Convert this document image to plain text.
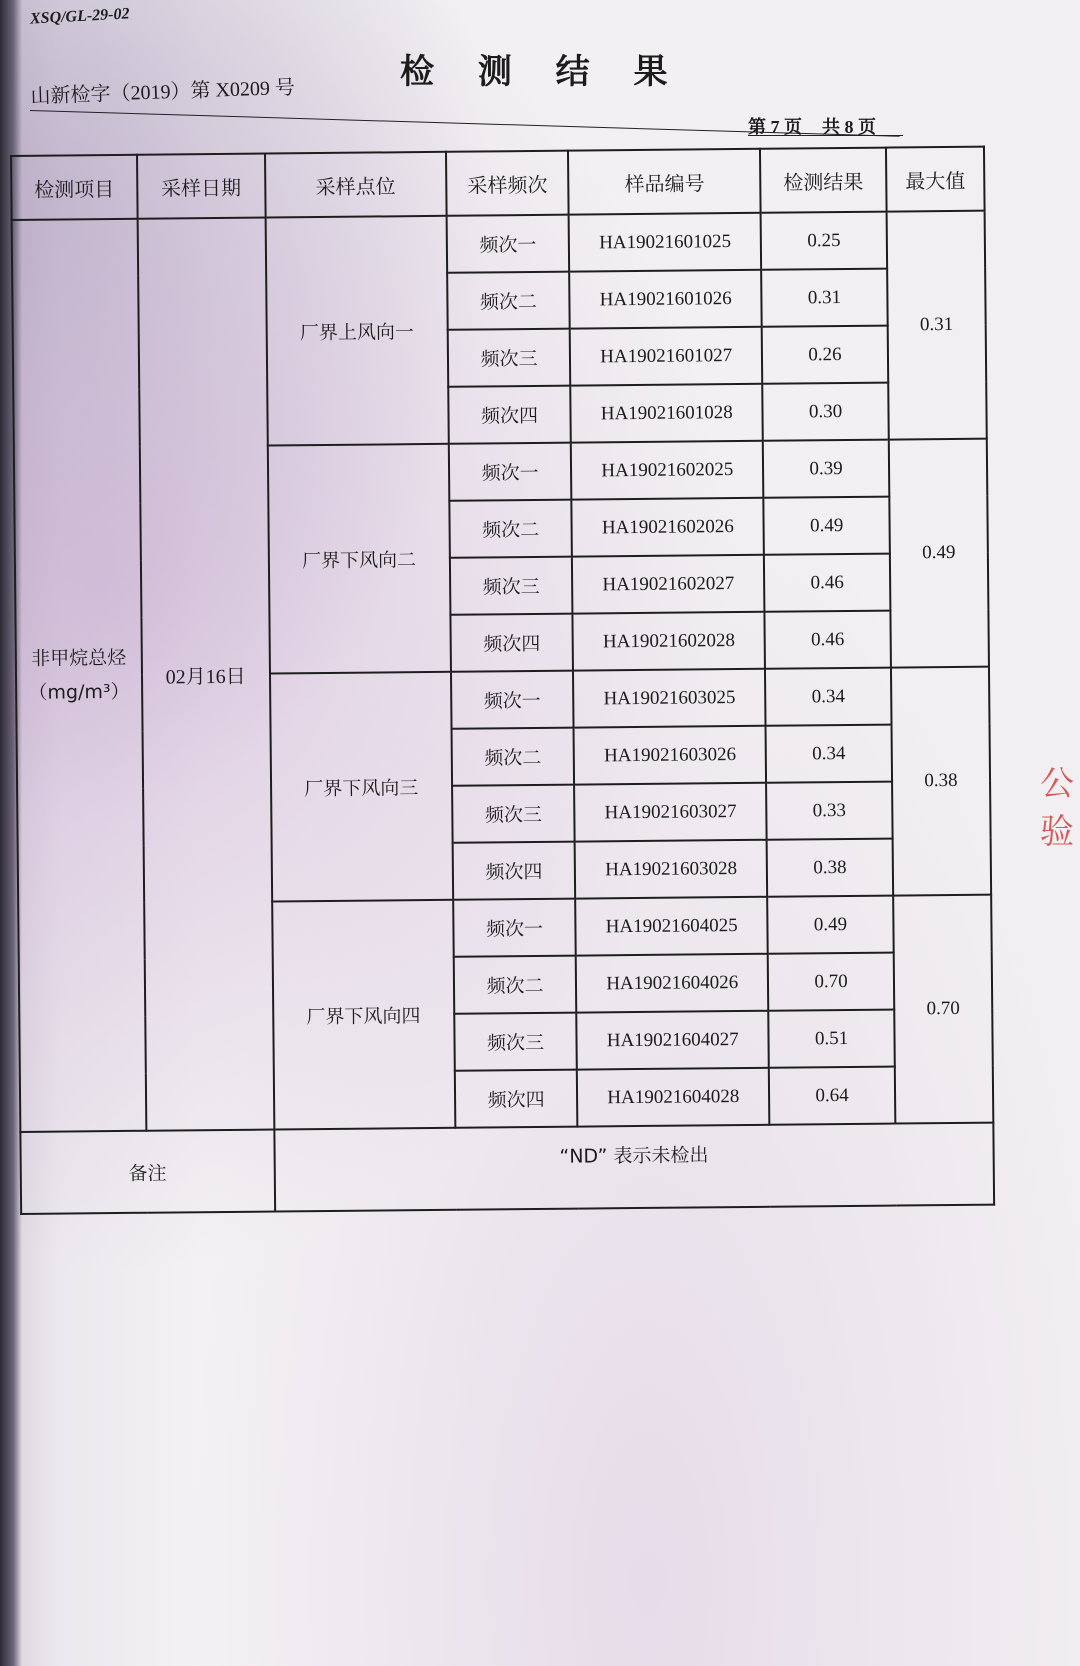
XSQ/GL-29-02
检 测 结 果
山新检字（2019）第 X0209 号
第 7 页 共 8 页
检测项目	采样日期	采样点位	采样频次	样品编号	检测结果	最大值

非甲烷总烃
（mg/m³）	02月16日	厂界上风向一	频次一	HA19021601025	0.25	0.31
			频次二	HA19021601026	0.31	
			频次三	HA19021601027	0.26	
			频次四	HA19021601028	0.30	
		厂界下风向二	频次一	HA19021602025	0.39	0.49
			频次二	HA19021602026	0.49	
			频次三	HA19021602027	0.46	
			频次四	HA19021602028	0.46	
		厂界下风向三	频次一	HA19021603025	0.34	0.38
			频次二	HA19021603026	0.34	
			频次三	HA19021603027	0.33	
			频次四	HA19021603028	0.38	
		厂界下风向四	频次一	HA19021604025	0.49	0.70
			频次二	HA19021604026	0.70	
			频次三	HA19021604027	0.51	
			频次四	HA19021604028	0.64	
备注		“ND” 表示未检出				
公验
